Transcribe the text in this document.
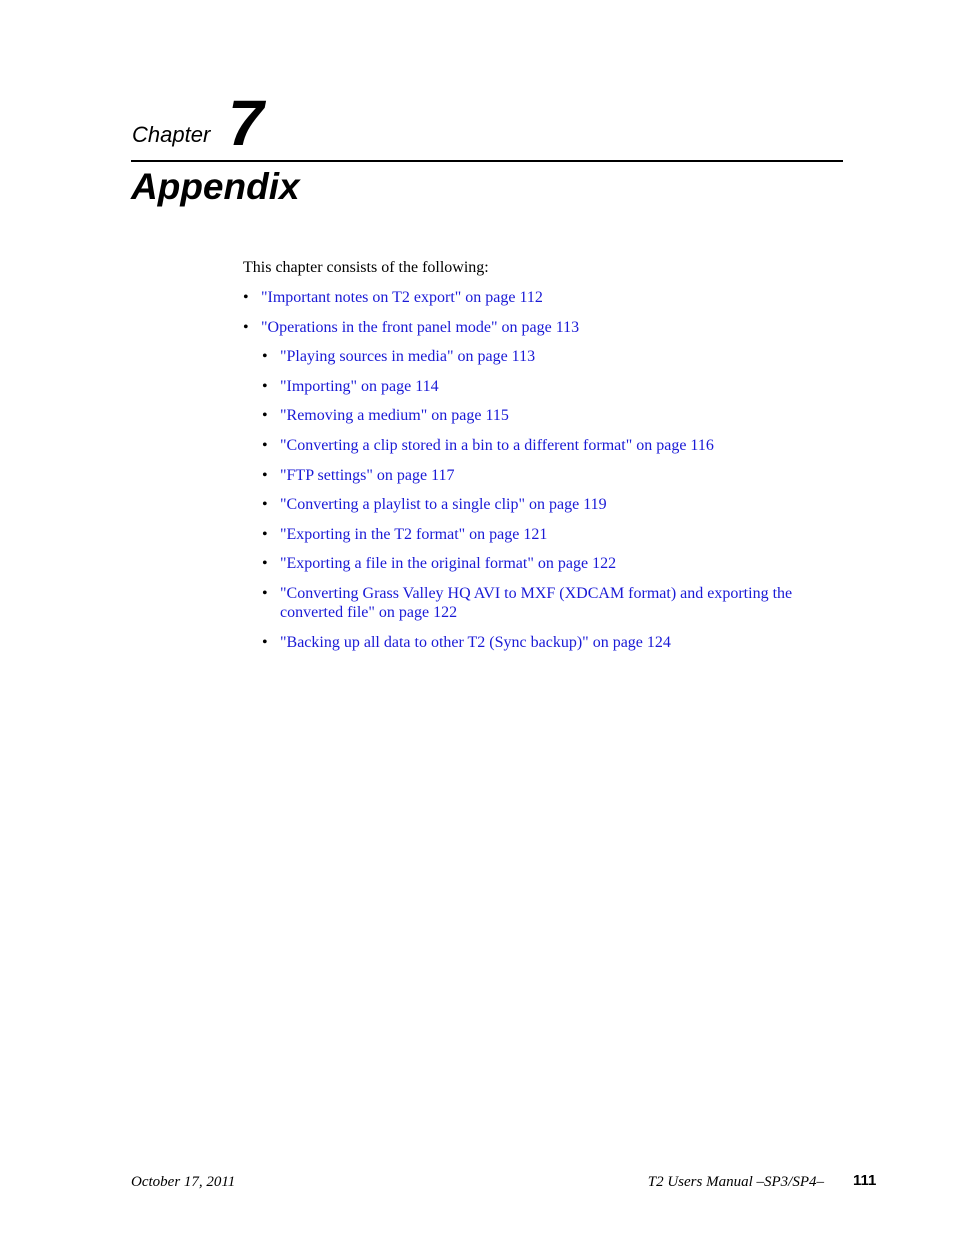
Chapter 7
Appendix
This chapter consists of the following:
• "Important notes on T2 export" on page 112
• "Operations in the front panel mode" on page 113
• "Playing sources in media" on page 113
• "Importing" on page 114
• "Removing a medium" on page 115
• "Converting a clip stored in a bin to a different format" on page 116
• "FTP settings" on page 117
• "Converting a playlist to a single clip" on page 119
• "Exporting in the T2 format" on page 121
• "Exporting a file in the original format" on page 122
• "Converting Grass Valley HQ AVI to MXF (XDCAM format) and exporting the converted file" on page 122
• "Backing up all data to other T2 (Sync backup)" on page 124
October 17, 2011	T2 Users Manual –SP3/SP4– 111
